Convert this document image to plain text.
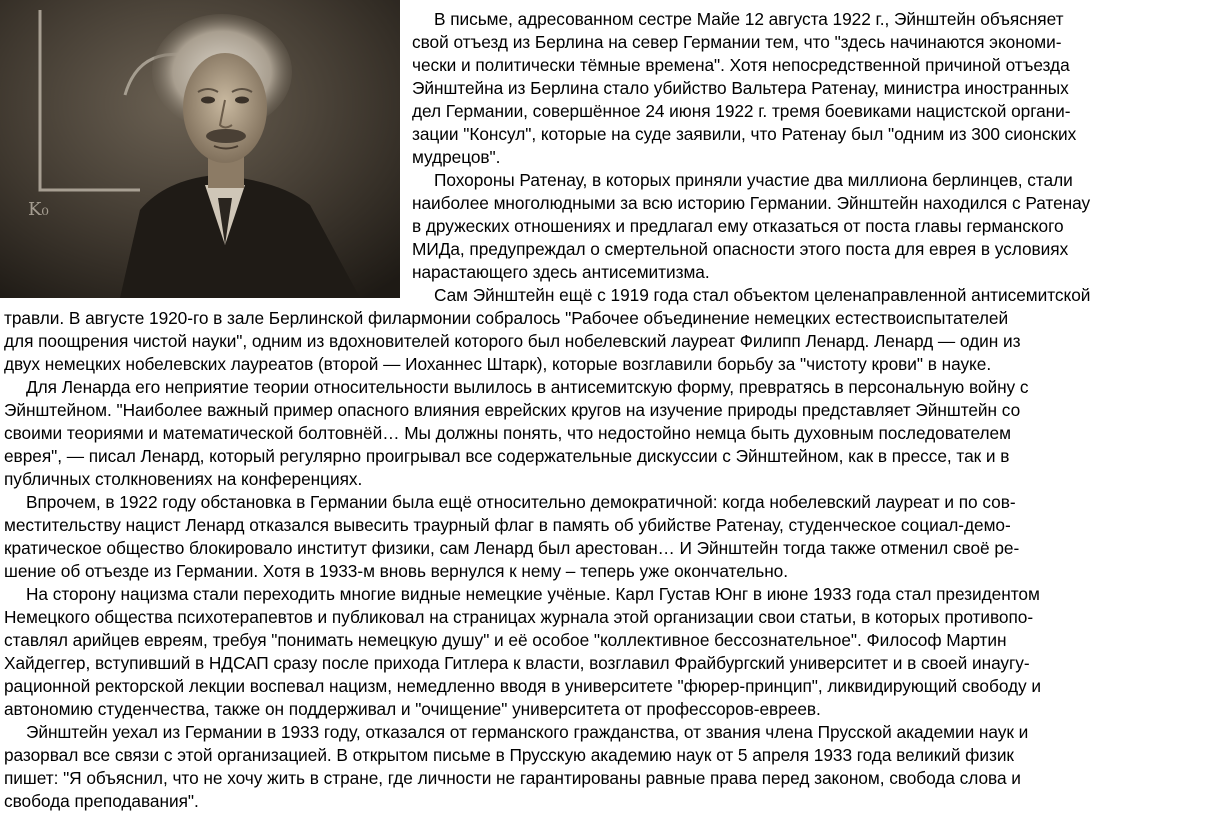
K₀
В письме, адресованном сестре Майе 12 августа 1922 г., Эйнштейн объясняет
свой отъезд из Берлина на север Германии тем, что "здесь начинаются экономи-
чески и политически тёмные времена". Хотя непосредственной причиной отъезда
Эйнштейна из Берлина стало убийство Вальтера Ратенау, министра иностранных
дел Германии, совершённое 24 июня 1922 г. тремя боевиками нацистской органи-
зации "Консул", которые на суде заявили, что Ратенау был "одним из 300 сионских
мудрецов".
Похороны Ратенау, в которых приняли участие два миллиона берлинцев, стали
наиболее многолюдными за всю историю Германии. Эйнштейн находился с Ратенау
в дружеских отношениях и предлагал ему отказаться от поста главы германского
МИДа, предупреждал о смертельной опасности этого поста для еврея в условиях
нарастающего здесь антисемитизма.
Сам Эйнштейн ещё с 1919 года стал объектом целенаправленной антисемитской
травли. В августе 1920-го в зале Берлинской филармонии собралось "Рабочее объединение немецких естествоиспытателей
для поощрения чистой науки", одним из вдохновителей которого был нобелевский лауреат Филипп Ленард. Ленард — один из
двух немецких нобелевских лауреатов (второй — Иоханнес Штарк), которые возглавили борьбу за "чистоту крови" в науке.
Для Ленарда его неприятие теории относительности вылилось в антисемитскую форму, превратясь в персональную войну с
Эйнштейном. "Наиболее важный пример опасного влияния еврейских кругов на изучение природы представляет Эйнштейн со
своими теориями и математической болтовнёй… Мы должны понять, что недостойно немца быть духовным последователем
еврея", — писал Ленард, который регулярно проигрывал все содержательные дискуссии с Эйнштейном, как в прессе, так и в
публичных столкновениях на конференциях.
Впрочем, в 1922 году обстановка в Германии была ещё относительно демократичной: когда нобелевский лауреат и по сов-
местительству нацист Ленард отказался вывесить траурный флаг в память об убийстве Ратенау, студенческое социал-демо-
кратическое общество блокировало институт физики, сам Ленард был арестован… И Эйнштейн тогда также отменил своё ре-
шение об отъезде из Германии. Хотя в 1933-м вновь вернулся к нему – теперь уже окончательно.
На сторону нацизма стали переходить многие видные немецкие учёные. Карл Густав Юнг в июне 1933 года стал президентом
Немецкого общества психотерапевтов и публиковал на страницах журнала этой организации свои статьи, в которых противопо-
ставлял арийцев евреям, требуя "понимать немецкую душу" и её особое "коллективное бессознательное". Философ Мартин
Хайдеггер, вступивший в НДСАП сразу после прихода Гитлера к власти, возглавил Фрайбургский университет и в своей инаугу-
рационной ректорской лекции воспевал нацизм, немедленно вводя в университете "фюрер-принцип", ликвидирующий свободу и
автономию студенчества, также он поддерживал и "очищение" университета от профессоров-евреев.
Эйнштейн уехал из Германии в 1933 году, отказался от германского гражданства, от звания члена Прусской академии наук и
разорвал все связи с этой организацией. В открытом письме в Прусскую академию наук от 5 апреля 1933 года великий физик
пишет: "Я объяснил, что не хочу жить в стране, где личности не гарантированы равные права перед законом, свобода слова и
свобода преподавания".
